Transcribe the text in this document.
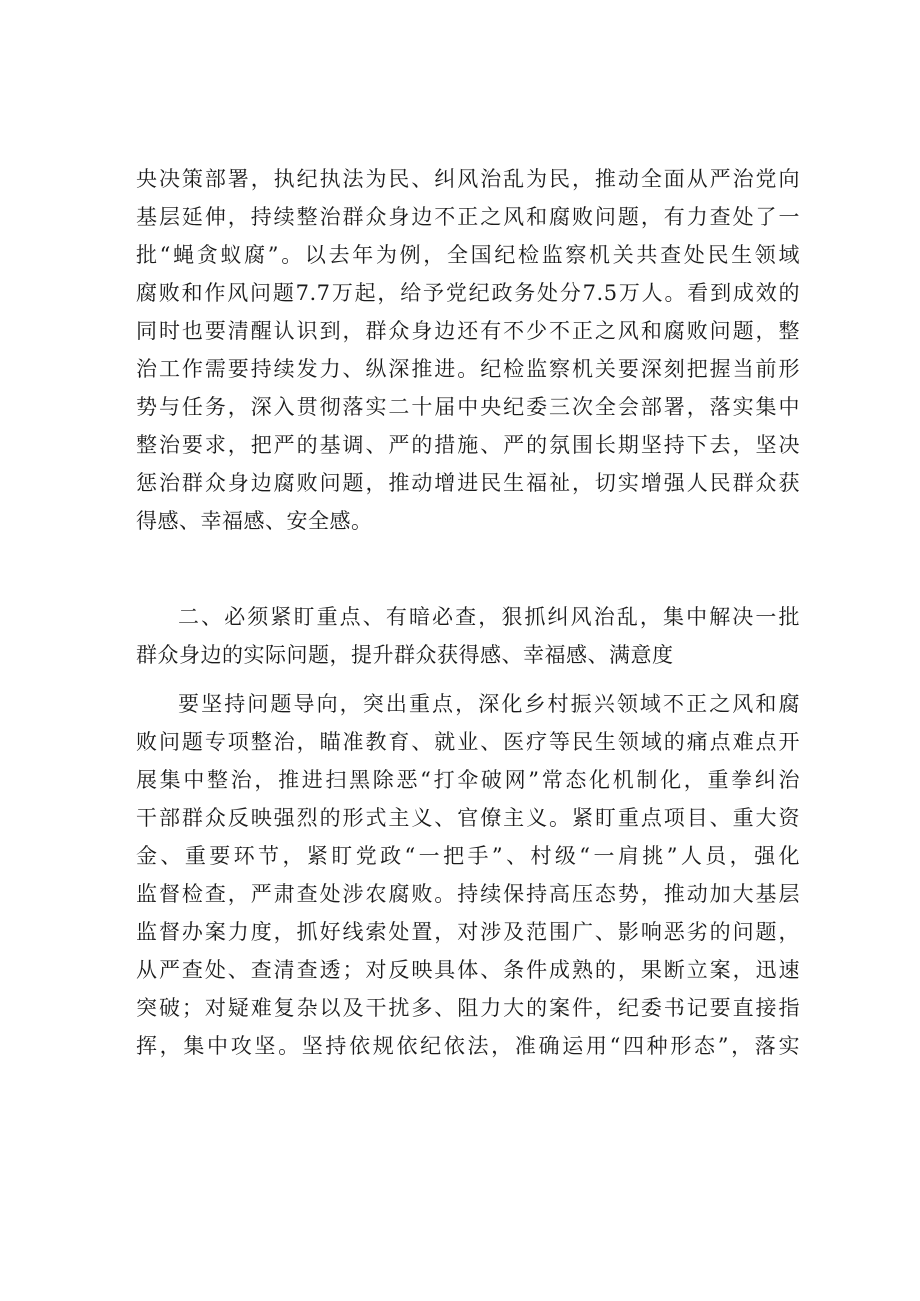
央决策部署，执纪执法为民、纠风治乱为民，推动全面从严治党向
基层延伸，持续整治群众身边不正之风和腐败问题，有力查处了一
批“蝇贪蚁腐”。以去年为例，全国纪检监察机关共查处民生领域
腐败和作风问题7.7万起，给予党纪政务处分7.5万人。看到成效的
同时也要清醒认识到，群众身边还有不少不正之风和腐败问题，整
治工作需要持续发力、纵深推进。纪检监察机关要深刻把握当前形
势与任务，深入贯彻落实二十届中央纪委三次全会部署，落实集中
整治要求，把严的基调、严的措施、严的氛围长期坚持下去，坚决
惩治群众身边腐败问题，推动增进民生福祉，切实增强人民群众获
得感、幸福感、安全感。
二、必须紧盯重点、有暗必查，狠抓纠风治乱，集中解决一批
群众身边的实际问题，提升群众获得感、幸福感、满意度
要坚持问题导向，突出重点，深化乡村振兴领域不正之风和腐
败问题专项整治，瞄准教育、就业、医疗等民生领域的痛点难点开
展集中整治，推进扫黑除恶“打伞破网”常态化机制化，重拳纠治
干部群众反映强烈的形式主义、官僚主义。紧盯重点项目、重大资
金、重要环节，紧盯党政“一把手”、村级“一肩挑”人员，强化
监督检查，严肃查处涉农腐败。持续保持高压态势，推动加大基层
监督办案力度，抓好线索处置，对涉及范围广、影响恶劣的问题，
从严查处、查清查透；对反映具体、条件成熟的，果断立案，迅速
突破；对疑难复杂以及干扰多、阻力大的案件，纪委书记要直接指
挥，集中攻坚。坚持依规依纪依法，准确运用“四种形态”，落实
